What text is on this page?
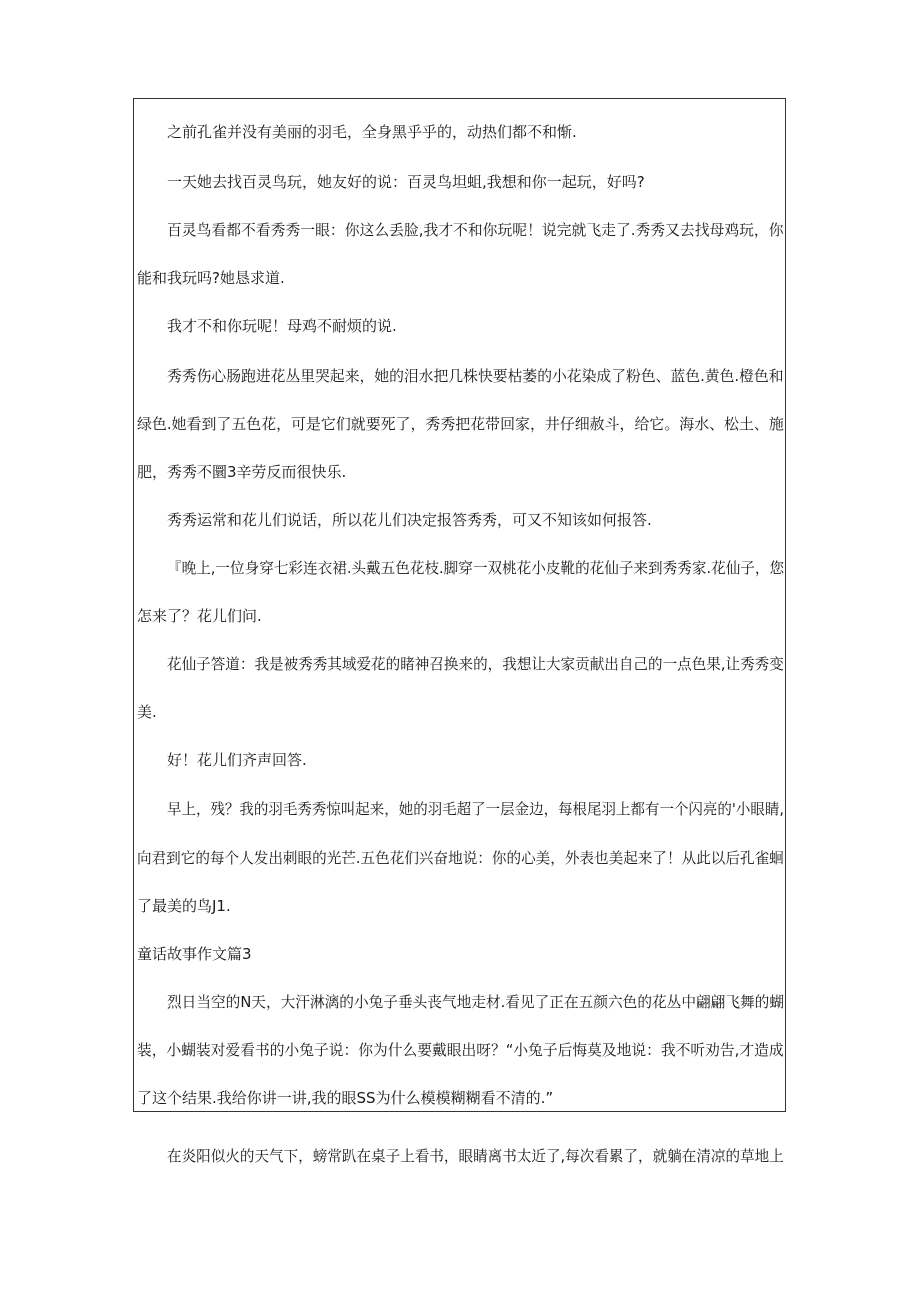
之前孔雀并没有美丽的羽毛，全身黑乎乎的，动热们都不和惭.
一天她去找百灵鸟玩，她友好的说：百灵鸟坦蛆,我想和你一起玩，好吗?
百灵鸟看都不看秀秀一眼：你这么丢脸,我才不和你玩呢！说完就飞走了.秀秀又去找母鸡玩，你
能和我玩吗?她恳求道.
我才不和你玩呢！母鸡不耐烦的说.
秀秀伤心肠跑进花丛里哭起来，她的泪水把几株快要枯萎的小花染成了粉色、蓝色.黄色.橙色和
绿色.她看到了五色花，可是它们就要死了，秀秀把花带回家，井仔细赦斗，给它。海水、松土、施
肥，秀秀不圜3辛劳反而很快乐.
秀秀运常和花儿们说话，所以花儿们决定报答秀秀，可又不知该如何报答.
『晚上,一位身穿七彩连衣裙.头戴五色花枝.脚穿一双桃花小皮靴的花仙子来到秀秀家.花仙子，您
怎来了？花儿们问.
花仙子答道：我是被秀秀其域爱花的睹神召换来的，我想让大家贡献出自己的一点色果,让秀秀变
美.
好！花儿们齐声回答.
早上，残？我的羽毛秀秀惊叫起来，她的羽毛超了一层金边，每根尾羽上都有一个闪亮的'小眼睛,
向君到它的每个人发出刺眼的光芒.五色花们兴奋地说：你的心美，外表也美起来了！从此以后孔雀蛔
了最美的鸟J1.
童话故事作文篇3
烈日当空的N天，大汗淋漓的小兔子垂头丧气地走材.看见了正在五颜六色的花丛中翩翩飞舞的蝴
装，小蝴装对爱看书的小兔子说：你为什么要戴眼出呀？“小兔子后悔莫及地说：我不听劝告,才造成
了这个结果.我给你讲一讲,我的眼SS为什么模模糊糊看不清的.”
在炎阳似火的天气下，螃常趴在桌子上看书，眼睛离书太近了,每次看累了，就躺在清凉的草地上
